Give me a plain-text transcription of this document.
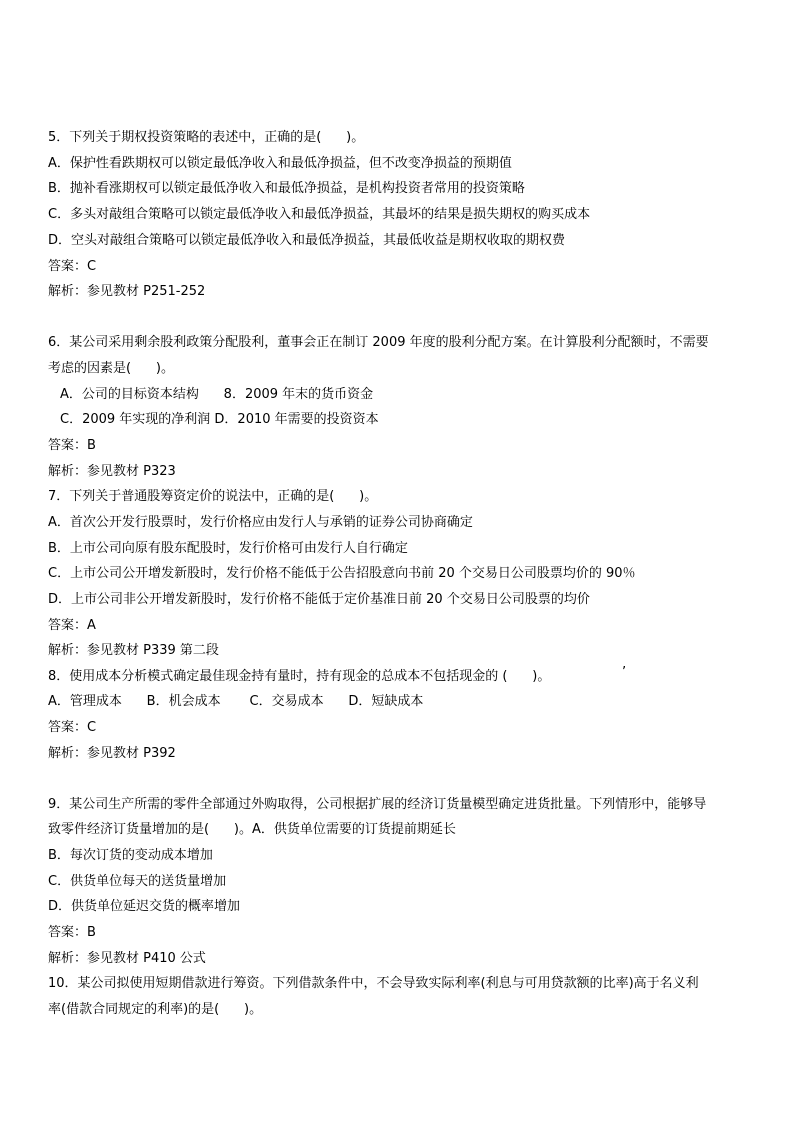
5．下列关于期权投资策略的表述中，正确的是(      )。
A．保护性看跌期权可以锁定最低净收入和最低净损益，但不改变净损益的预期值
B．抛补看涨期权可以锁定最低净收入和最低净损益，是机构投资者常用的投资策略
C．多头对敲组合策略可以锁定最低净收入和最低净损益，其最坏的结果是损失期权的购买成本
D．空头对敲组合策略可以锁定最低净收入和最低净损益，其最低收益是期权收取的期权费
答案：C
解析：参见教材 P251-252
6．某公司采用剩余股利政策分配股利，董事会正在制订 2009 年度的股利分配方案。在计算股利分配额时，不需要
考虑的因素是(      )。
A．公司的目标资本结构      8．2009 年末的货币资金
C．2009 年实现的净利润 D．2010 年需要的投资资本
答案：B
解析：参见教材 P323
7．下列关于普通股筹资定价的说法中，正确的是(      )。
A．首次公开发行股票时，发行价格应由发行人与承销的证券公司协商确定
B．上市公司向原有股东配股时，发行价格可由发行人自行确定
C．上市公司公开增发新股时，发行价格不能低于公告招股意向书前 20 个交易日公司股票均价的 90％
D．上市公司非公开增发新股时，发行价格不能低于定价基准日前 20 个交易日公司股票的均价
答案：A
解析：参见教材 P339 第二段
8．使用成本分析模式确定最佳现金持有量时，持有现金的总成本不包括现金的 (      )。	’
A．管理成本      B．机会成本       C．交易成本      D．短缺成本
答案：C
解析：参见教材 P392
9．某公司生产所需的零件全部通过外购取得，公司根据扩展的经济订货量模型确定进货批量。下列情形中，能够导
致零件经济订货量增加的是(      )。A．供货单位需要的订货提前期延长
B．每次订货的变动成本增加
C．供货单位每天的送货量增加
D．供货单位延迟交货的概率增加
答案：B
解析：参见教材 P410 公式
10．某公司拟使用短期借款进行筹资。下列借款条件中，不会导致实际利率(利息与可用贷款额的比率)高于名义利
率(借款合同规定的利率)的是(      )。
